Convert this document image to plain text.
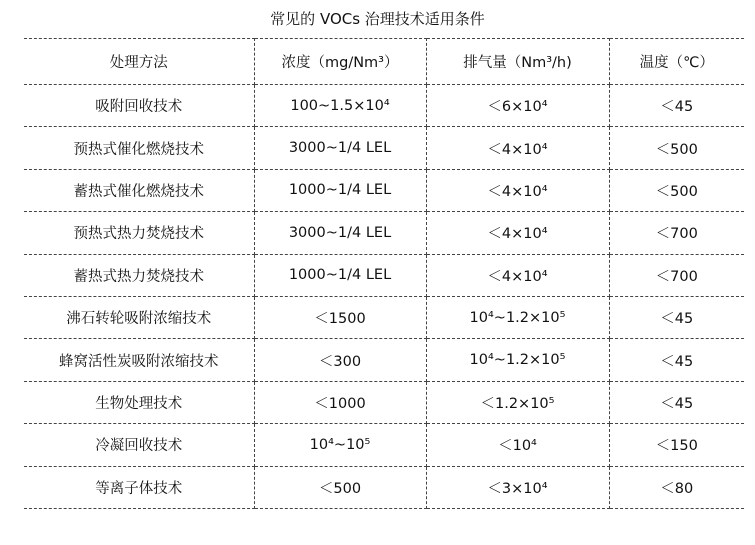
常见的 VOCs 治理技术适用条件
处理方法	浓度（mg/Nm³）	排气量（Nm³/h)	温度（℃）
吸附回收技术	100~1.5×10⁴	＜6×10⁴	＜45
预热式催化燃烧技术	3000~1/4 LEL	＜4×10⁴	＜500
蓄热式催化燃烧技术	1000~1/4 LEL	＜4×10⁴	＜500
预热式热力焚烧技术	3000~1/4 LEL	＜4×10⁴	＜700
蓄热式热力焚烧技术	1000~1/4 LEL	＜4×10⁴	＜700
沸石转轮吸附浓缩技术	＜1500	10⁴~1.2×10⁵	＜45
蜂窝活性炭吸附浓缩技术	＜300	10⁴~1.2×10⁵	＜45
生物处理技术	＜1000	＜1.2×10⁵	＜45
冷凝回收技术	10⁴~10⁵	＜10⁴	＜150
等离子体技术	＜500	＜3×10⁴	＜80
